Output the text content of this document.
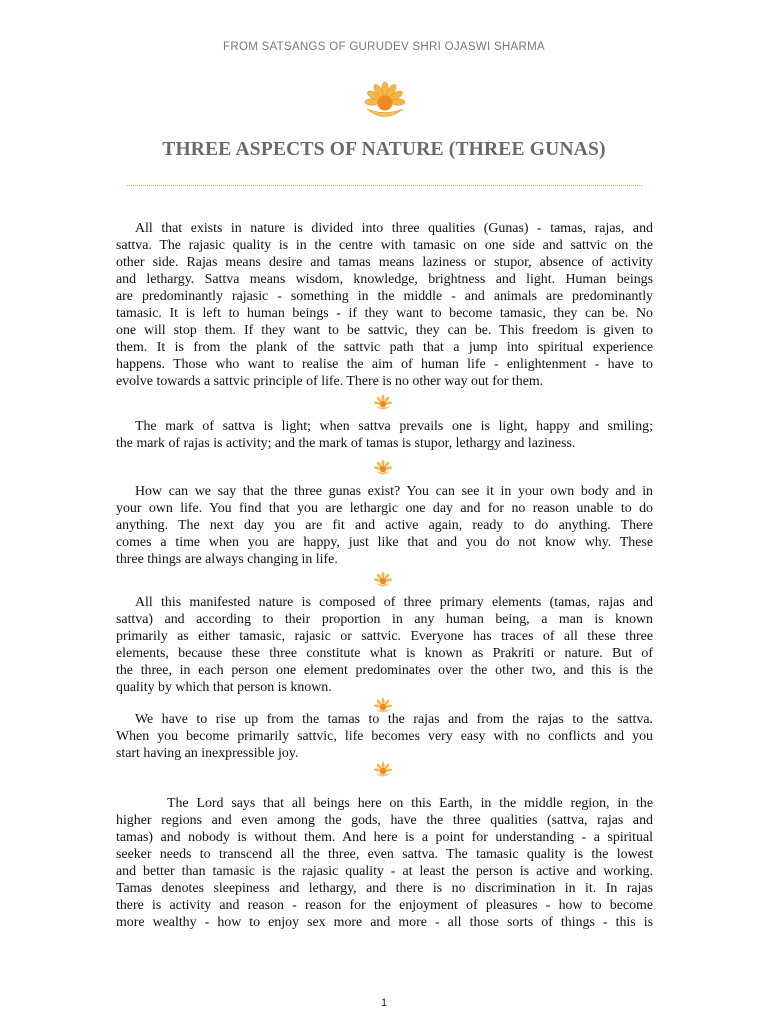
FROM SATSANGS OF GURUDEV SHRI OJASWI SHARMA
THREE ASPECTS OF NATURE (THREE GUNAS)
All that exists in nature is divided into three qualities (Gunas) - tamas, rajas, and
sattva. The rajasic quality is in the centre with tamasic on one side and sattvic on the
other side. Rajas means desire and tamas means laziness or stupor, absence of activity
and lethargy. Sattva means wisdom, knowledge, brightness and light. Human beings
are predominantly rajasic - something in the middle - and animals are predominantly
tamasic. It is left to human beings - if they want to become tamasic, they can be. No
one will stop them. If they want to be sattvic, they can be. This freedom is given to
them. It is from the plank of the sattvic path that a jump into spiritual experience
happens. Those who want to realise the aim of human life - enlightenment - have to
evolve towards a sattvic principle of life. There is no other way out for them.
The mark of sattva is light; when sattva prevails one is light, happy and smiling;
the mark of rajas is activity; and the mark of tamas is stupor, lethargy and laziness.
How can we say that the three gunas exist? You can see it in your own body and in
your own life. You find that you are lethargic one day and for no reason unable to do
anything. The next day you are fit and active again, ready to do anything. There
comes a time when you are happy, just like that and you do not know why. These
three things are always changing in life.
All this manifested nature is composed of three primary elements (tamas, rajas and
sattva) and according to their proportion in any human being, a man is known
primarily as either tamasic, rajasic or sattvic. Everyone has traces of all these three
elements, because these three constitute what is known as Prakriti or nature. But of
the three, in each person one element predominates over the other two, and this is the
quality by which that person is known.
We have to rise up from the tamas to the rajas and from the rajas to the sattva.
When you become primarily sattvic, life becomes very easy with no conflicts and you
start having an inexpressible joy.
The Lord says that all beings here on this Earth, in the middle region, in the
higher regions and even among the gods, have the three qualities (sattva, rajas and
tamas) and nobody is without them. And here is a point for understanding - a spiritual
seeker needs to transcend all the three, even sattva. The tamasic quality is the lowest
and better than tamasic is the rajasic quality - at least the person is active and working.
Tamas denotes sleepiness and lethargy, and there is no discrimination in it. In rajas
there is activity and reason - reason for the enjoyment of pleasures - how to become
more wealthy - how to enjoy sex more and more - all those sorts of things - this is
1
